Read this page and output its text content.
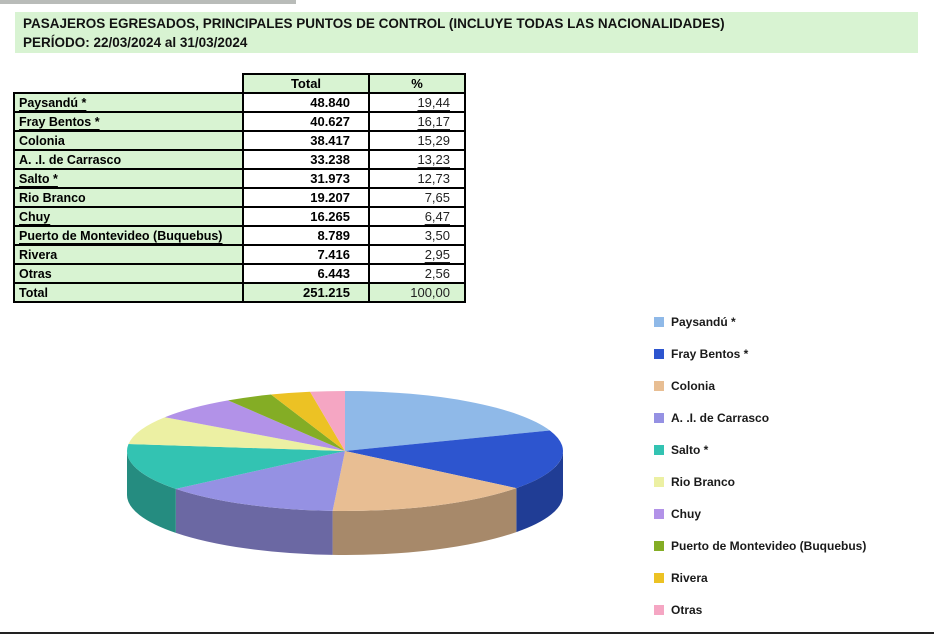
PASAJEROS EGRESADOS, PRINCIPALES PUNTOS DE CONTROL (INCLUYE TODAS LAS NACIONALIDADES)
PERÍODO: 22/03/2024 al 31/03/2024
	Total	%
Paysandú *	48.840	19,44
Fray Bentos *	40.627	16,17
Colonia	38.417	15,29
A. .I. de Carrasco	33.238	13,23
Salto *	31.973	12,73
Rio Branco	19.207	7,65
Chuy	16.265	6,47
Puerto de Montevideo (Buquebus)	8.789	3,50
Rivera	7.416	2,95
Otras	6.443	2,56
Total	251.215	100,00
Paysandú *
Fray Bentos *
Colonia
A. .I. de Carrasco
Salto *
Rio Branco
Chuy
Puerto de Montevideo (Buquebus)
Rivera
Otras
